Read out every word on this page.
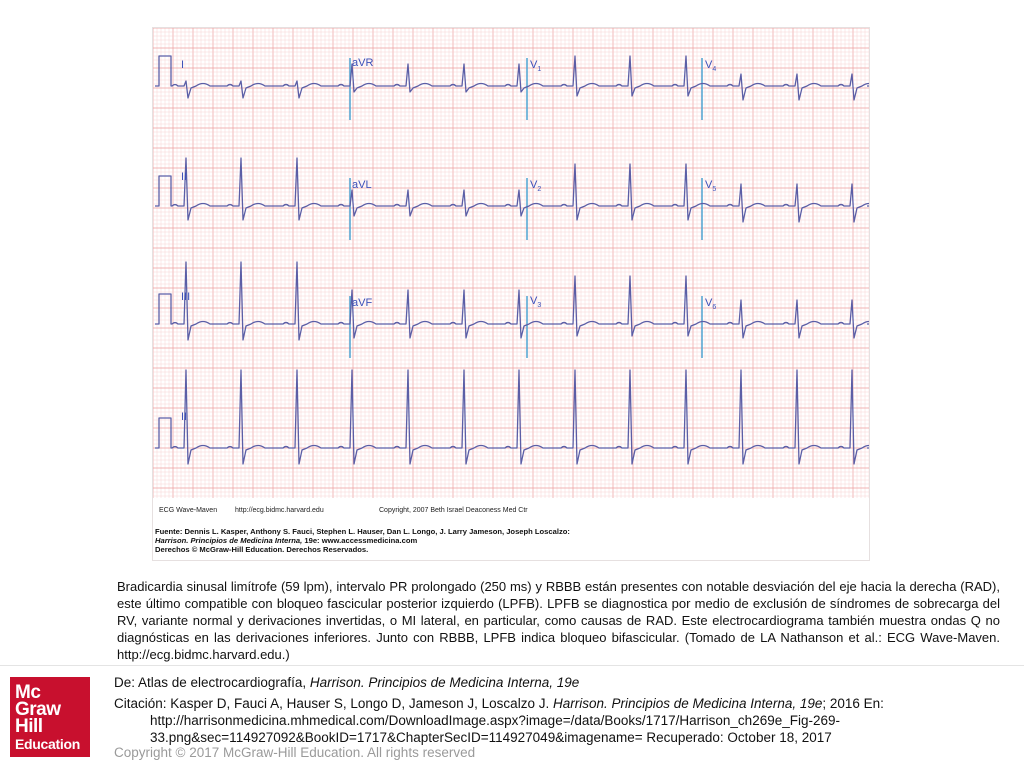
I
II
III
II
aVR
aVL
aVF
$V_1$
$V_2$
$V_3$
$V_4$
$V_5$
$V_6$
ECG Wave-Maven	http://ecg.bidmc.harvard.edu	Copyright, 2007 Beth Israel Deaconess Med Ctr
Fuente: Dennis L. Kasper, Anthony S. Fauci, Stephen L. Hauser, Dan L. Longo, J. Larry Jameson, Joseph Loscalzo:
Harrison. Principios de Medicina Interna, 19e: www.accessmedicina.com
Derechos © McGraw-Hill Education. Derechos Reservados.
Bradicardia sinusal limítrofe (59 lpm), intervalo PR prolongado (250 ms) y RBBB están presentes con notable desviación del eje hacia la derecha (RAD), este último compatible con bloqueo fascicular posterior izquierdo (LPFB). LPFB se diagnostica por medio de exclusión de síndromes de sobrecarga del RV, variante normal y derivaciones invertidas, o MI lateral, en particular, como causas de RAD. Este electrocardiograma también muestra ondas Q no diagnósticas en las derivaciones inferiores. Junto con RBBB, LPFB indica bloqueo bifascicular. (Tomado de LA Nathanson et al.: ECG Wave-Maven. http://ecg.bidmc.harvard.edu.)
Mc
Graw
Hill
Education
De: Atlas de electrocardiografía, Harrison. Principios de Medicina Interna, 19e
Citación: Kasper D, Fauci A, Hauser S, Longo D, Jameson J, Loscalzo J. Harrison. Principios de Medicina Interna, 19e; 2016 En:
http://harrisonmedicina.mhmedical.com/DownloadImage.aspx?image=/data/Books/1717/Harrison_ch269e_Fig-269-
33.png&sec=114927092&BookID=1717&ChapterSecID=114927049&imagename= Recuperado: October 18, 2017
Copyright © 2017 McGraw-Hill Education. All rights reserved
